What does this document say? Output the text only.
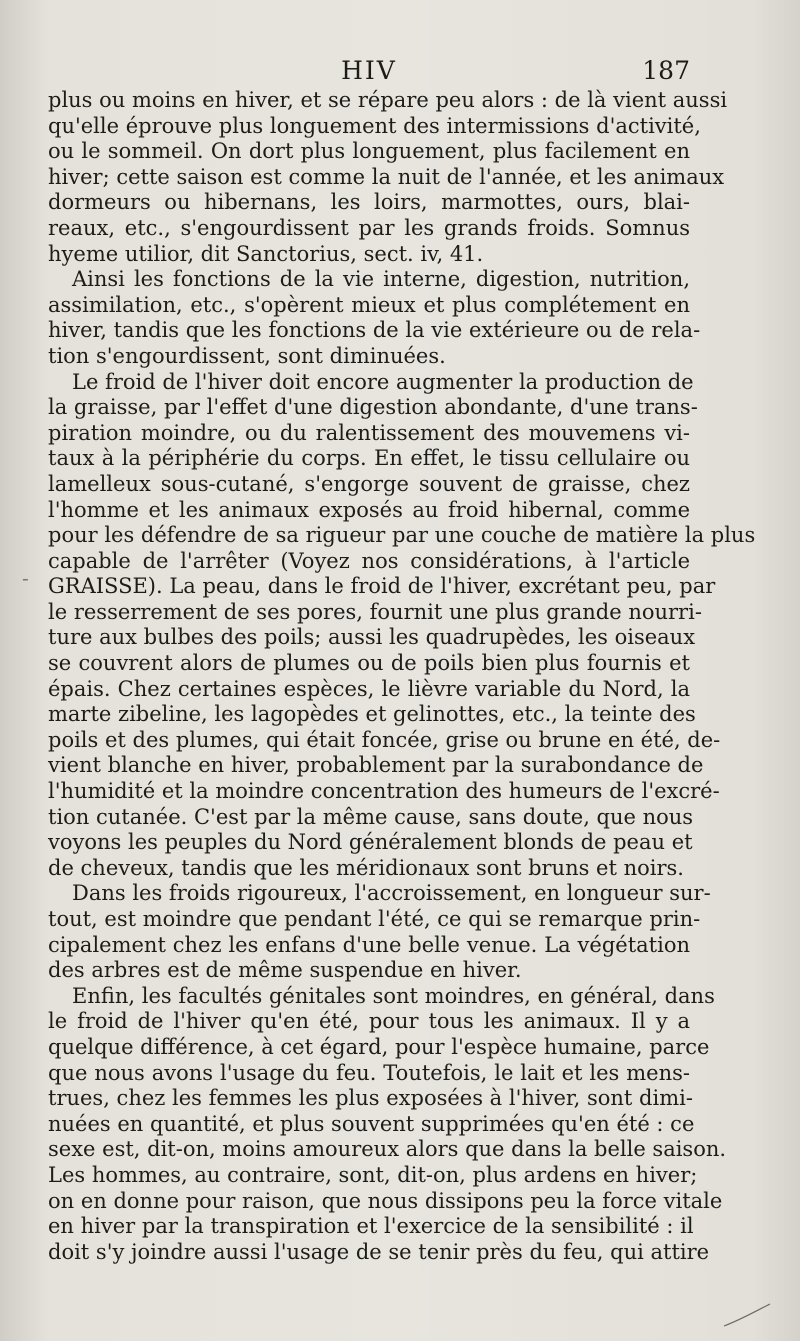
HIV	187
plus ou moins en hiver, et se répare peu alors : de là vient aussi
qu'elle éprouve plus longuement des intermissions d'activité,
ou le sommeil. On dort plus longuement, plus facilement en
hiver; cette saison est comme la nuit de l'année, et les animaux
dormeurs ou hibernans, les loirs, marmottes, ours, blai-
reaux, etc., s'engourdissent par les grands froids. Somnus
hyeme utilior, dit Sanctorius, sect. iv, 41.
Ainsi les fonctions de la vie interne, digestion, nutrition,
assimilation, etc., s'opèrent mieux et plus complétement en
hiver, tandis que les fonctions de la vie extérieure ou de rela-
tion s'engourdissent, sont diminuées.
Le froid de l'hiver doit encore augmenter la production de
la graisse, par l'effet d'une digestion abondante, d'une trans-
piration moindre, ou du ralentissement des mouvemens vi-
taux à la périphérie du corps. En effet, le tissu cellulaire ou
lamelleux sous-cutané, s'engorge souvent de graisse, chez
l'homme et les animaux exposés au froid hibernal, comme
pour les défendre de sa rigueur par une couche de matière la plus
capable de l'arrêter (Voyez nos considérations, à l'article
GRAISSE). La peau, dans le froid de l'hiver, excrétant peu, par
le resserrement de ses pores, fournit une plus grande nourri-
ture aux bulbes des poils; aussi les quadrupèdes, les oiseaux
se couvrent alors de plumes ou de poils bien plus fournis et
épais. Chez certaines espèces, le lièvre variable du Nord, la
marte zibeline, les lagopèdes et gelinottes, etc., la teinte des
poils et des plumes, qui était foncée, grise ou brune en été, de-
vient blanche en hiver, probablement par la surabondance de
l'humidité et la moindre concentration des humeurs de l'excré-
tion cutanée. C'est par la même cause, sans doute, que nous
voyons les peuples du Nord généralement blonds de peau et
de cheveux, tandis que les méridionaux sont bruns et noirs.
Dans les froids rigoureux, l'accroissement, en longueur sur-
tout, est moindre que pendant l'été, ce qui se remarque prin-
cipalement chez les enfans d'une belle venue. La végétation
des arbres est de même suspendue en hiver.
Enfin, les facultés génitales sont moindres, en général, dans
le froid de l'hiver qu'en été, pour tous les animaux. Il y a
quelque différence, à cet égard, pour l'espèce humaine, parce
que nous avons l'usage du feu. Toutefois, le lait et les mens-
trues, chez les femmes les plus exposées à l'hiver, sont dimi-
nuées en quantité, et plus souvent supprimées qu'en été : ce
sexe est, dit-on, moins amoureux alors que dans la belle saison.
Les hommes, au contraire, sont, dit-on, plus ardens en hiver;
on en donne pour raison, que nous dissipons peu la force vitale
en hiver par la transpiration et l'exercice de la sensibilité : il
doit s'y joindre aussi l'usage de se tenir près du feu, qui attire
-
